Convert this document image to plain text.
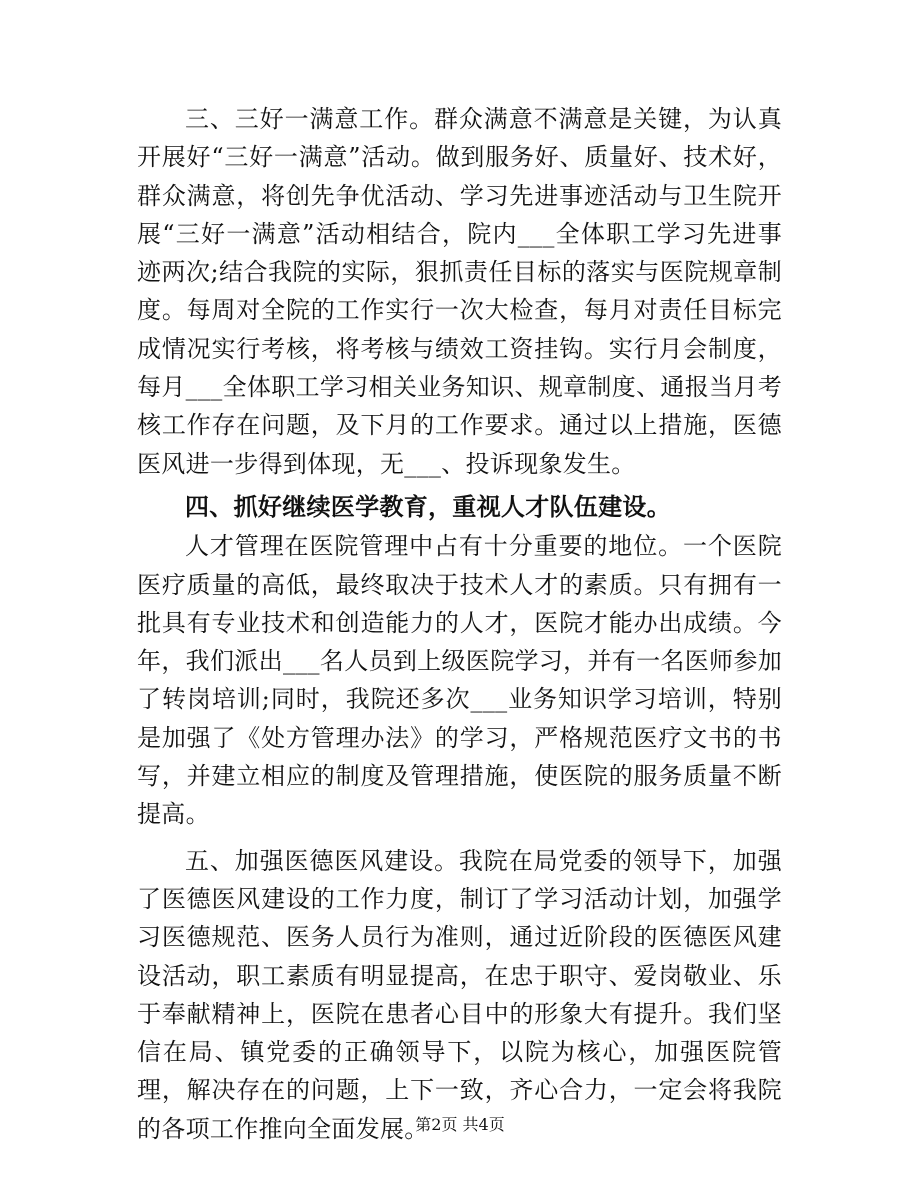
三、三好一满意工作。群众满意不满意是关键，为认真开展好“三好一满意”活动。做到服务好、质量好、技术好，群众满意，将创先争优活动、学习先进事迹活动与卫生院开展“三好一满意”活动相结合，院内___全体职工学习先进事迹两次;结合我院的实际，狠抓责任目标的落实与医院规章制度。每周对全院的工作实行一次大检查，每月对责任目标完成情况实行考核，将考核与绩效工资挂钩。实行月会制度，每月___全体职工学习相关业务知识、规章制度、通报当月考核工作存在问题，及下月的工作要求。通过以上措施，医德医风进一步得到体现，无___、投诉现象发生。

四、抓好继续医学教育，重视人才队伍建设。

人才管理在医院管理中占有十分重要的地位。一个医院医疗质量的高低，最终取决于技术人才的素质。只有拥有一批具有专业技术和创造能力的人才，医院才能办出成绩。今年，我们派出___名人员到上级医院学习，并有一名医师参加了转岗培训;同时，我院还多次___业务知识学习培训，特别是加强了《处方管理办法》的学习，严格规范医疗文书的书写，并建立相应的制度及管理措施，使医院的服务质量不断提高。

五、加强医德医风建设。我院在局党委的领导下，加强了医德医风建设的工作力度，制订了学习活动计划，加强学习医德规范、医务人员行为准则，通过近阶段的医德医风建设活动，职工素质有明显提高，在忠于职守、爱岗敬业、乐于奉献精神上，医院在患者心目中的形象大有提升。我们坚信在局、镇党委的正确领导下，以院为核心，加强医院管理，解决存在的问题，上下一致，齐心合力，一定会将我院的各项工作推向全面发展。

第2页 共4页
